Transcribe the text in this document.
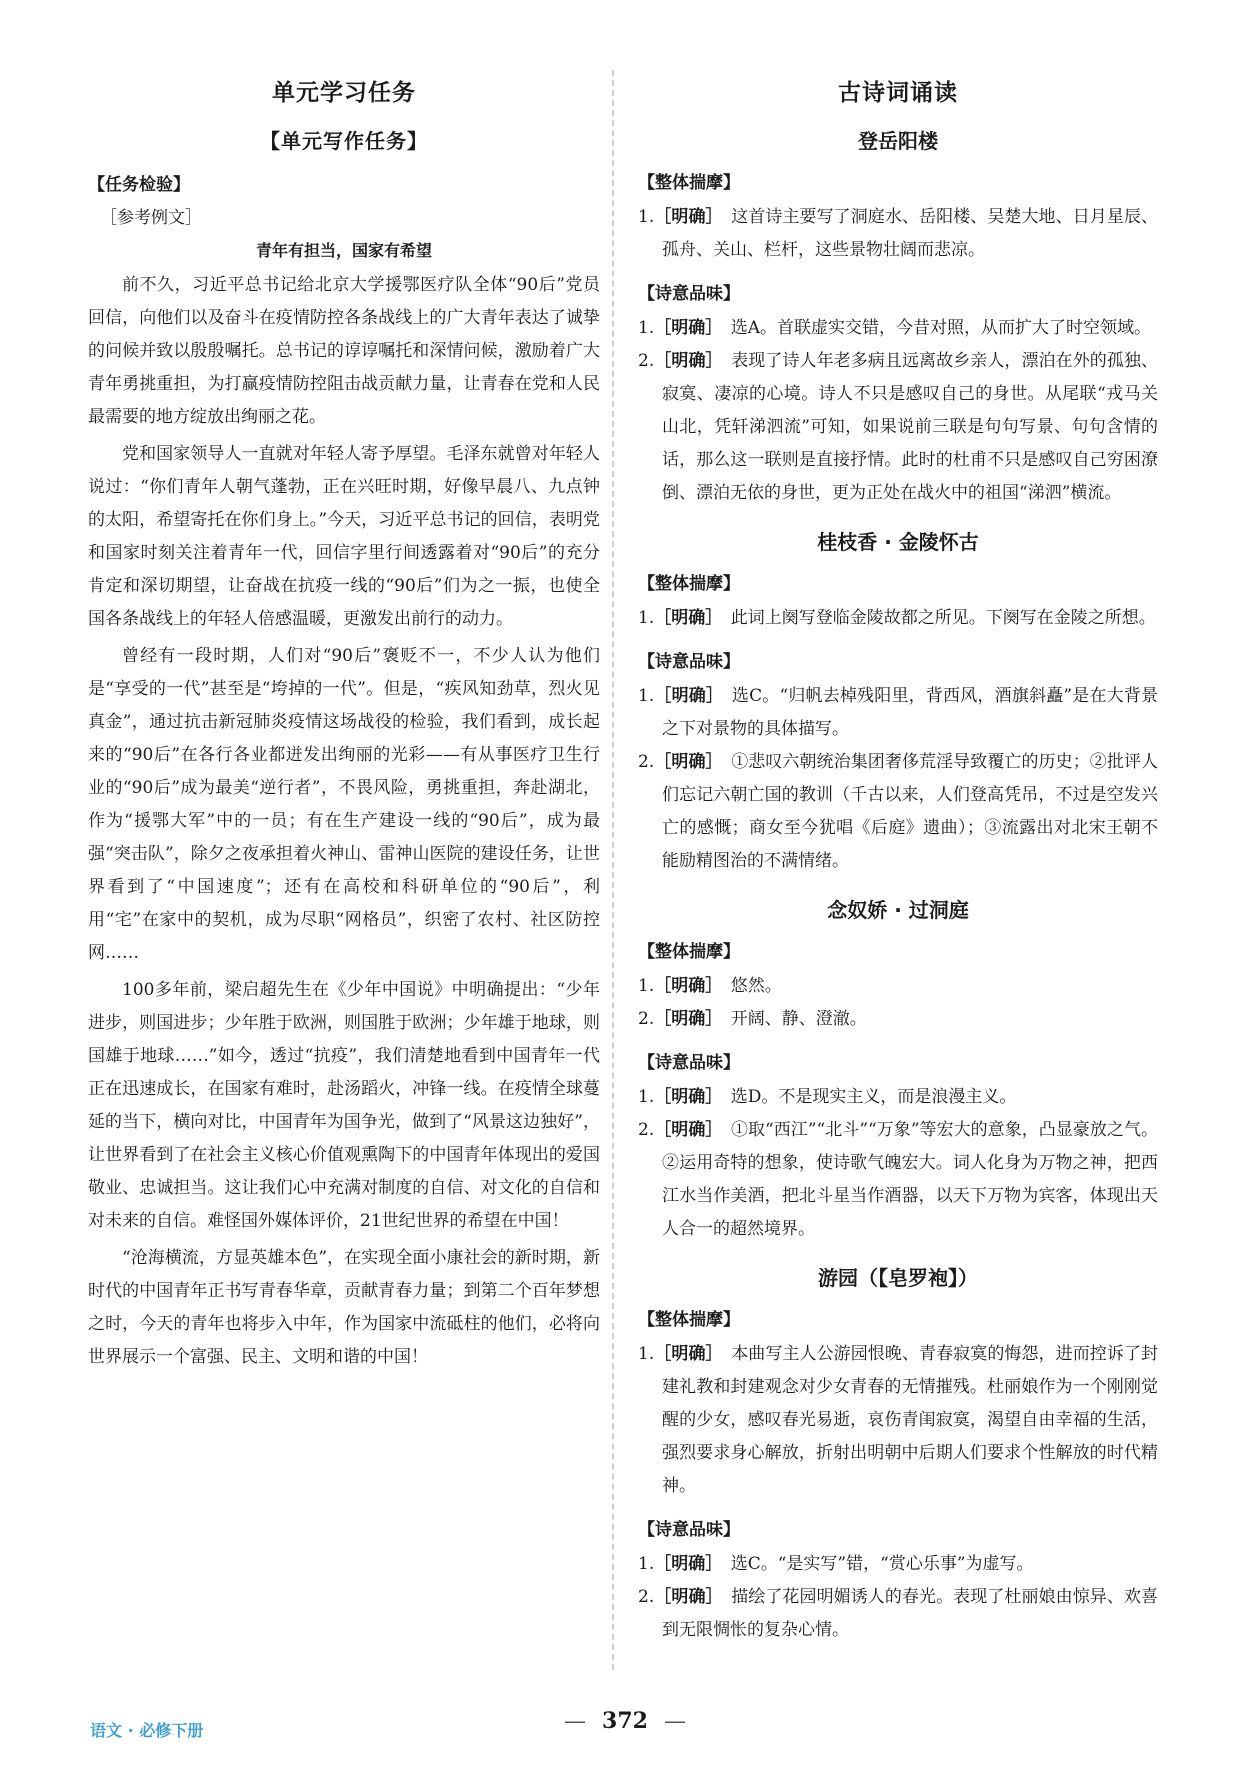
单元学习任务
【单元写作任务】
【任务检验】
［参考例文］
青年有担当，国家有希望

前不久，习近平总书记给北京大学援鄂医疗队全体“90后”党员回信，向他们以及奋斗在疫情防控各条战线上的广大青年表达了诚挚的问候并致以殷殷嘱托。总书记的谆谆嘱托和深情问候，激励着广大青年勇挑重担，为打赢疫情防控阻击战贡献力量，让青春在党和人民最需要的地方绽放出绚丽之花。

党和国家领导人一直就对年轻人寄予厚望。毛泽东就曾对年轻人说过：“你们青年人朝气蓬勃，正在兴旺时期，好像早晨八、九点钟的太阳，希望寄托在你们身上。”今天，习近平总书记的回信，表明党和国家时刻关注着青年一代，回信字里行间透露着对“90后”的充分肯定和深切期望，让奋战在抗疫一线的“90后”们为之一振，也使全国各条战线上的年轻人倍感温暖，更激发出前行的动力。

曾经有一段时期，人们对“90后”褒贬不一，不少人认为他们是“享受的一代”甚至是“垮掉的一代”。但是，“疾风知劲草，烈火见真金”，通过抗击新冠肺炎疫情这场战役的检验，我们看到，成长起来的“90后”在各行各业都迸发出绚丽的光彩——有从事医疗卫生行业的“90后”成为最美“逆行者”，不畏风险，勇挑重担，奔赴湖北，作为“援鄂大军”中的一员；有在生产建设一线的“90后”，成为最强“突击队”，除夕之夜承担着火神山、雷神山医院的建设任务，让世界看到了“中国速度”；还有在高校和科研单位的“90后”，利用“宅”在家中的契机，成为尽职“网格员”，织密了农村、社区防控网……

100多年前，梁启超先生在《少年中国说》中明确提出：“少年进步，则国进步；少年胜于欧洲，则国胜于欧洲；少年雄于地球，则国雄于地球……”如今，透过“抗疫”，我们清楚地看到中国青年一代正在迅速成长，在国家有难时，赴汤蹈火，冲锋一线。在疫情全球蔓延的当下，横向对比，中国青年为国争光，做到了“风景这边独好”，让世界看到了在社会主义核心价值观熏陶下的中国青年体现出的爱国敬业、忠诚担当。这让我们心中充满对制度的自信、对文化的自信和对未来的自信。难怪国外媒体评价，21世纪世界的希望在中国！

“沧海横流，方显英雄本色”，在实现全面小康社会的新时期，新时代的中国青年正书写青春华章，贡献青春力量；到第二个百年梦想之时，今天的青年也将步入中年，作为国家中流砥柱的他们，必将向世界展示一个富强、民主、文明和谐的中国！

古诗词诵读
登岳阳楼
【整体揣摩】

1.［明确］　 这首诗主要写了洞庭水、岳阳楼、吴楚大地、日月星辰、孤舟、关山、栏杆，这些景物壮阔而悲凉。

【诗意品味】

1.［明确］　 选A。首联虚实交错，今昔对照，从而扩大了时空领域。

2.［明确］　 表现了诗人年老多病且远离故乡亲人，漂泊在外的孤独、寂寞、凄凉的心境。诗人不只是感叹自己的身世。从尾联“戎马关山北，凭轩涕泗流”可知，如果说前三联是句句写景、句句含情的话，那么这一联则是直接抒情。此时的杜甫不只是感叹自己穷困潦倒、漂泊无依的身世，更为正处在战火中的祖国“涕泗”横流。

桂枝香 · 金陵怀古
【整体揣摩】

1.［明确］　 此词上阕写登临金陵故都之所见。下阕写在金陵之所想。

【诗意品味】

1.［明确］　 选C。“归帆去棹残阳里，背西风，酒旗斜矗”是在大背景之下对景物的具体描写。

2.［明确］　 ①悲叹六朝统治集团奢侈荒淫导致覆亡的历史；②批评人们忘记六朝亡国的教训（千古以来，人们登高凭吊，不过是空发兴亡的感慨；商女至今犹唱《后庭》遗曲）；③流露出对北宋王朝不能励精图治的不满情绪。

念奴娇 · 过洞庭
【整体揣摩】

1.［明确］　 悠然。

2.［明确］　 开阔、静、澄澈。

【诗意品味】

1.［明确］　 选D。不是现实主义，而是浪漫主义。

2.［明确］　 ①取“西江”“北斗”“万象”等宏大的意象，凸显豪放之气。②运用奇特的想象，使诗歌气魄宏大。词人化身为万物之神，把西江水当作美酒，把北斗星当作酒器，以天下万物为宾客，体现出天人合一的超然境界。

游园（【皂罗袍】）
【整体揣摩】

1.［明确］　 本曲写主人公游园恨晚、青春寂寞的悔怨，进而控诉了封建礼教和封建观念对少女青春的无情摧残。杜丽娘作为一个刚刚觉醒的少女，感叹春光易逝，哀伤青闺寂寞，渴望自由幸福的生活，强烈要求身心解放，折射出明朝中后期人们要求个性解放的时代精神。

【诗意品味】

1.［明确］　 选C。“是实写”错，“赏心乐事”为虚写。

2.［明确］　 描绘了花园明媚诱人的春光。表现了杜丽娘由惊异、欢喜到无限惆怅的复杂心情。

语文 · 必修下册	— 372 —
